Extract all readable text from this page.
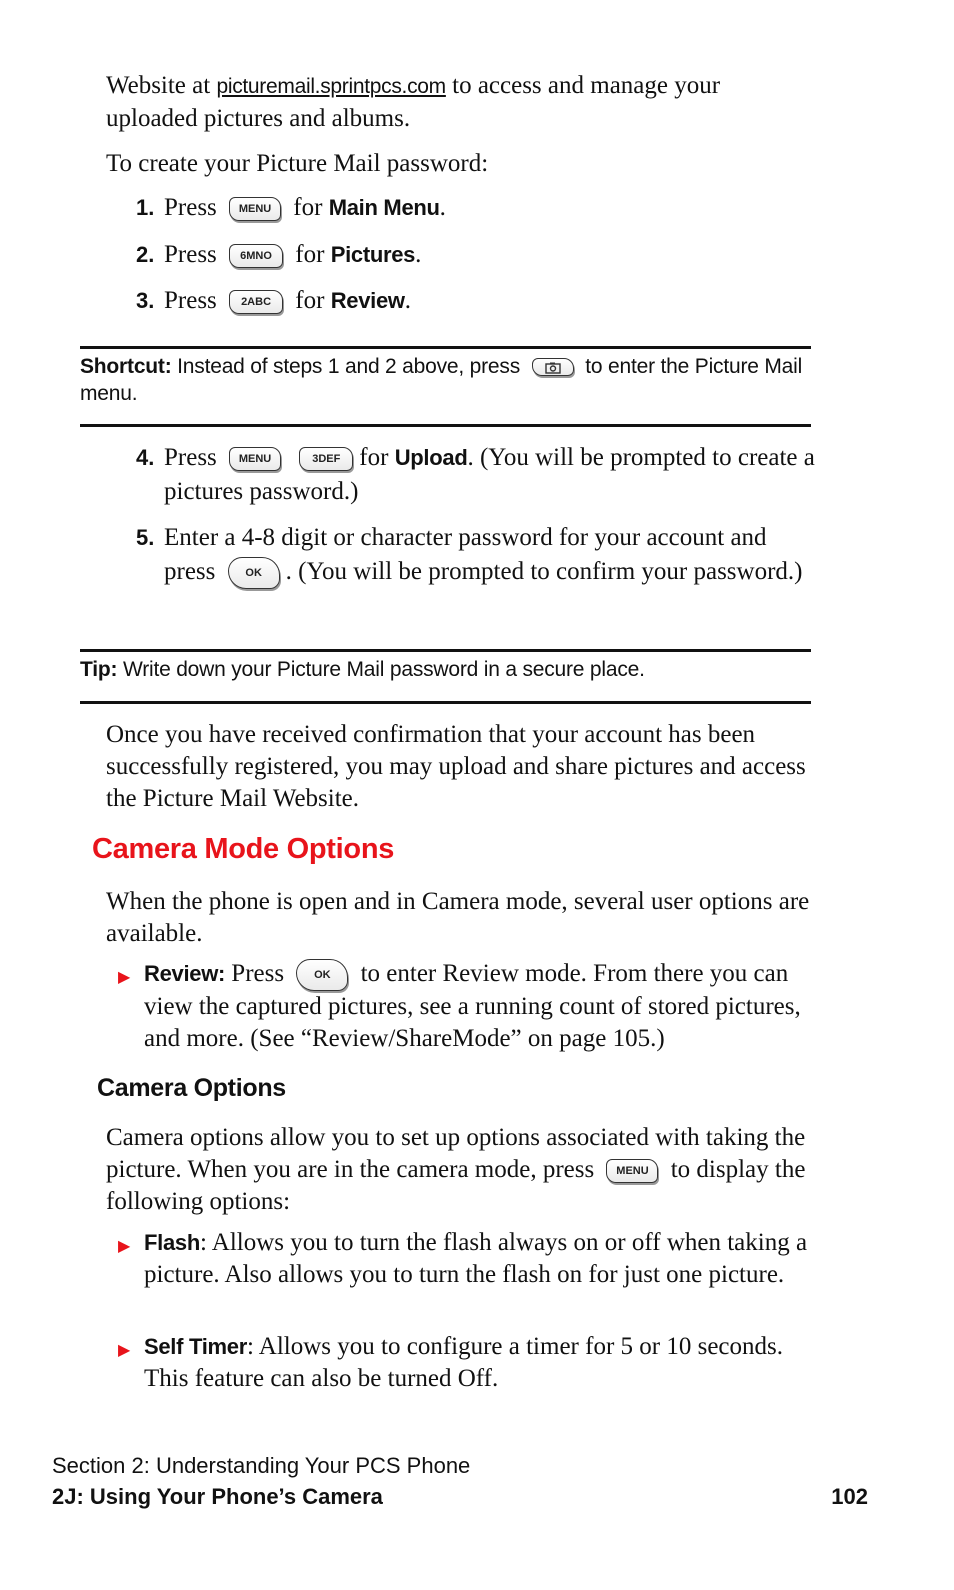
Website at picturemail.sprintpcs.com to access and manage your uploaded pictures and albums.

To create your Picture Mail password:

1. Press MENU for Main Menu.
2. Press 6MNO for Pictures.
3. Press 2ABC for Review.

Shortcut: Instead of steps 1 and 2 above, press	to enter the Picture Mail menu.

4. Press MENU	3DEF for Upload. (You will be prompted to create a pictures password.)
5. Enter a 4-8 digit or character password for your account and press	OK . (You will be prompted to confirm your password.)

Tip: Write down your Picture Mail password in a secure place.

Once you have received confirmation that your account has been successfully registered, you may upload and share pictures and access the Picture Mail Website.

Camera Mode Options

When the phone is open and in Camera mode, several user options are available.

▶ Review: Press	OK to enter Review mode. From there you can view the captured pictures, see a running count of stored pictures, and more. (See “Review/ShareMode” on page 105.)
Camera Options

Camera options allow you to set up options associated with taking the picture. When you are in the camera mode, press MENU to display the following options:

▶ Flash: Allows you to turn the flash always on or off when taking a picture. Also allows you to turn the flash on for just one picture.
▶ Self Timer: Allows you to configure a timer for 5 or 10 seconds. This feature can also be turned Off.
Section 2: Understanding Your PCS Phone
2J: Using Your Phone’s Camera	102
